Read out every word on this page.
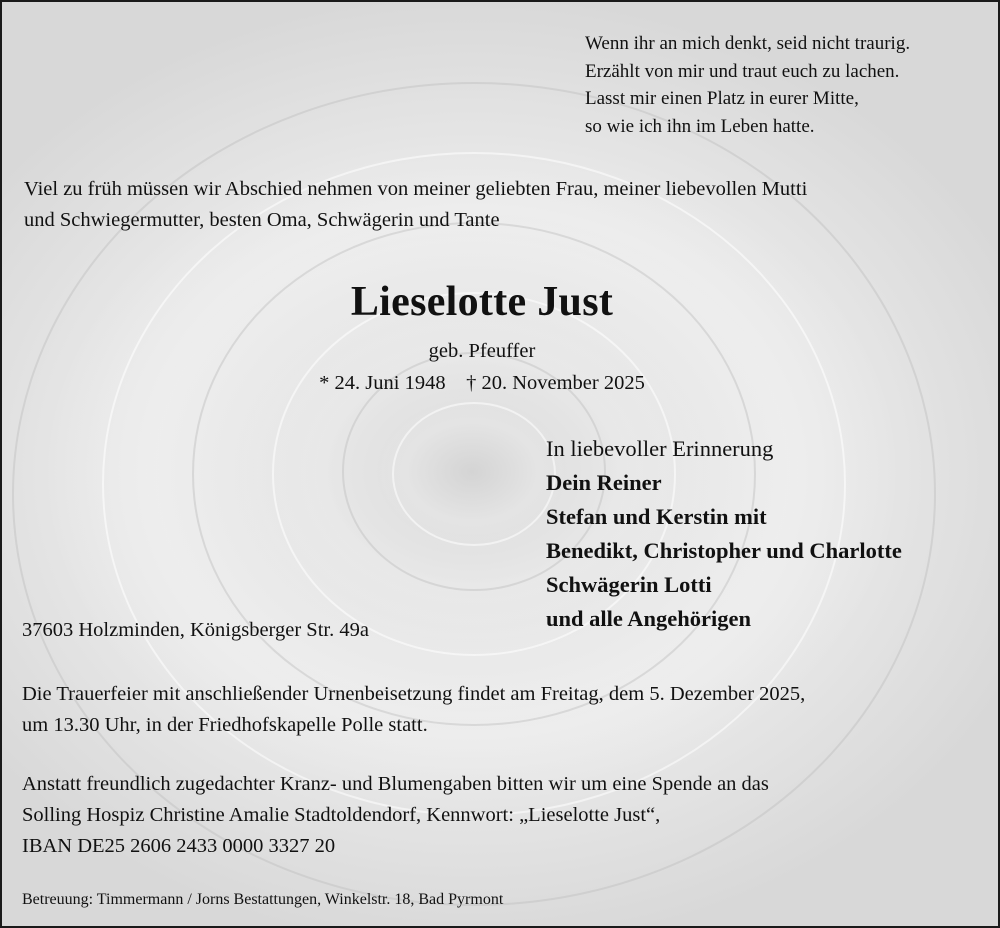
Wenn ihr an mich denkt, seid nicht traurig.
Erzählt von mir und traut euch zu lachen.
Lasst mir einen Platz in eurer Mitte,
so wie ich ihn im Leben hatte.

Viel zu früh müssen wir Abschied nehmen von meiner geliebten Frau, meiner liebevollen Mutti
und Schwiegermutter, besten Oma, Schwägerin und Tante

Lieselotte Just
geb. Pfeuffer
* 24. Juni 1948    † 20. November 2025
In liebevoller Erinnerung
Dein Reiner
Stefan und Kerstin mit
Benedikt, Christopher und Charlotte
Schwägerin Lotti
und alle Angehörigen
37603 Holzminden, Königsberger Str. 49a

Die Trauerfeier mit anschließender Urnenbeisetzung findet am Freitag, dem 5. Dezember 2025,
um 13.30 Uhr, in der Friedhofskapelle Polle statt.

Anstatt freundlich zugedachter Kranz- und Blumengaben bitten wir um eine Spende an das
Solling Hospiz Christine Amalie Stadtoldendorf, Kennwort: „Lieselotte Just“,
IBAN DE25 2606 2433 0000 3327 20

Betreuung: Timmermann / Jorns Bestattungen, Winkelstr. 18, Bad Pyrmont
